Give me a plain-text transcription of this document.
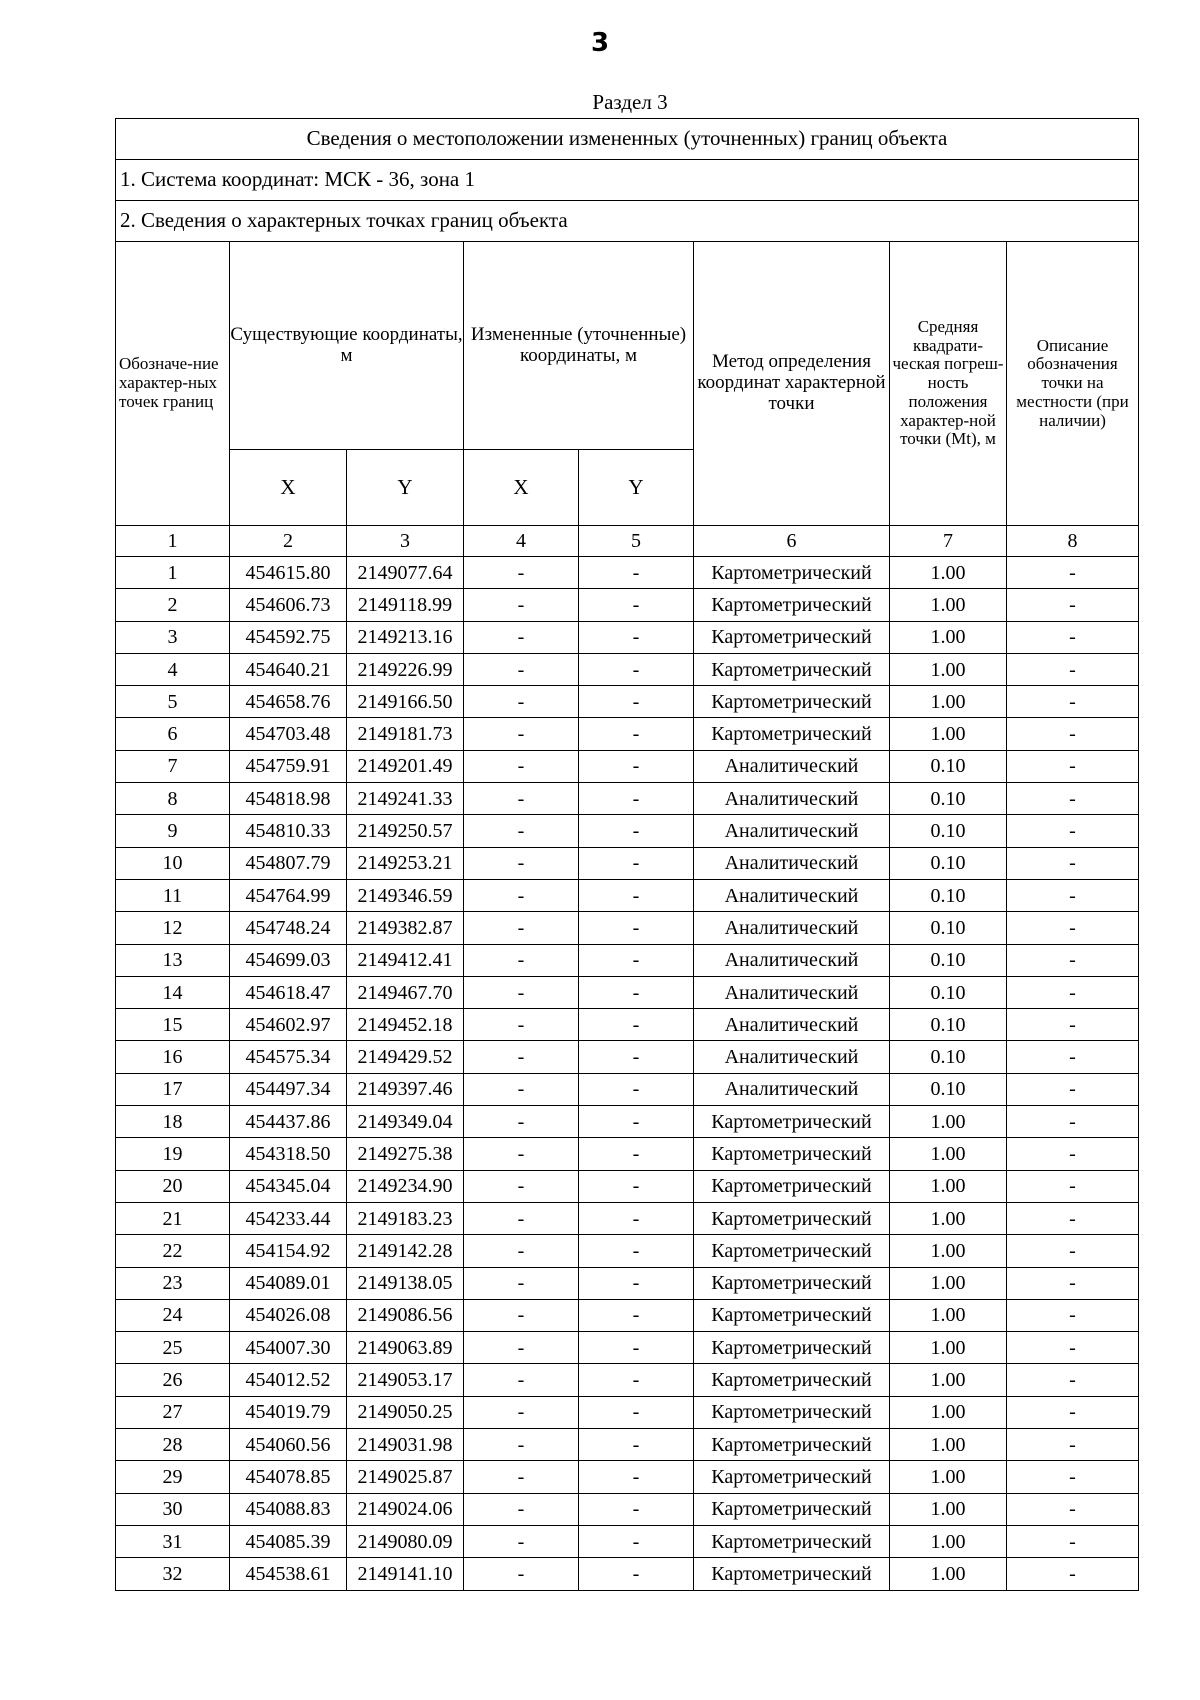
3
Раздел 3
Сведения о местоположении измененных (уточненных) границ объекта							
1. Система координат: МСК - 36, зона 1							
2. Сведения о характерных точках границ объекта							
Обозначе-ние характер-ных точек границ	Существующие координаты, м		Измененные (уточненные) координаты, м		Метод определения координат характерной точки	Средняя квадрати-ческая погреш-ность положения характер-ной точки (Mt), м	Описание обозначения точки на местности (при наличии)
	X	Y	X	Y			
1	2	3	4	5	6	7	8
1	454615.80	2149077.64	-	-	Картометрический	1.00	-
2	454606.73	2149118.99	-	-	Картометрический	1.00	-
3	454592.75	2149213.16	-	-	Картометрический	1.00	-
4	454640.21	2149226.99	-	-	Картометрический	1.00	-
5	454658.76	2149166.50	-	-	Картометрический	1.00	-
6	454703.48	2149181.73	-	-	Картометрический	1.00	-
7	454759.91	2149201.49	-	-	Аналитический	0.10	-
8	454818.98	2149241.33	-	-	Аналитический	0.10	-
9	454810.33	2149250.57	-	-	Аналитический	0.10	-
10	454807.79	2149253.21	-	-	Аналитический	0.10	-
11	454764.99	2149346.59	-	-	Аналитический	0.10	-
12	454748.24	2149382.87	-	-	Аналитический	0.10	-
13	454699.03	2149412.41	-	-	Аналитический	0.10	-
14	454618.47	2149467.70	-	-	Аналитический	0.10	-
15	454602.97	2149452.18	-	-	Аналитический	0.10	-
16	454575.34	2149429.52	-	-	Аналитический	0.10	-
17	454497.34	2149397.46	-	-	Аналитический	0.10	-
18	454437.86	2149349.04	-	-	Картометрический	1.00	-
19	454318.50	2149275.38	-	-	Картометрический	1.00	-
20	454345.04	2149234.90	-	-	Картометрический	1.00	-
21	454233.44	2149183.23	-	-	Картометрический	1.00	-
22	454154.92	2149142.28	-	-	Картометрический	1.00	-
23	454089.01	2149138.05	-	-	Картометрический	1.00	-
24	454026.08	2149086.56	-	-	Картометрический	1.00	-
25	454007.30	2149063.89	-	-	Картометрический	1.00	-
26	454012.52	2149053.17	-	-	Картометрический	1.00	-
27	454019.79	2149050.25	-	-	Картометрический	1.00	-
28	454060.56	2149031.98	-	-	Картометрический	1.00	-
29	454078.85	2149025.87	-	-	Картометрический	1.00	-
30	454088.83	2149024.06	-	-	Картометрический	1.00	-
31	454085.39	2149080.09	-	-	Картометрический	1.00	-
32	454538.61	2149141.10	-	-	Картометрический	1.00	-
